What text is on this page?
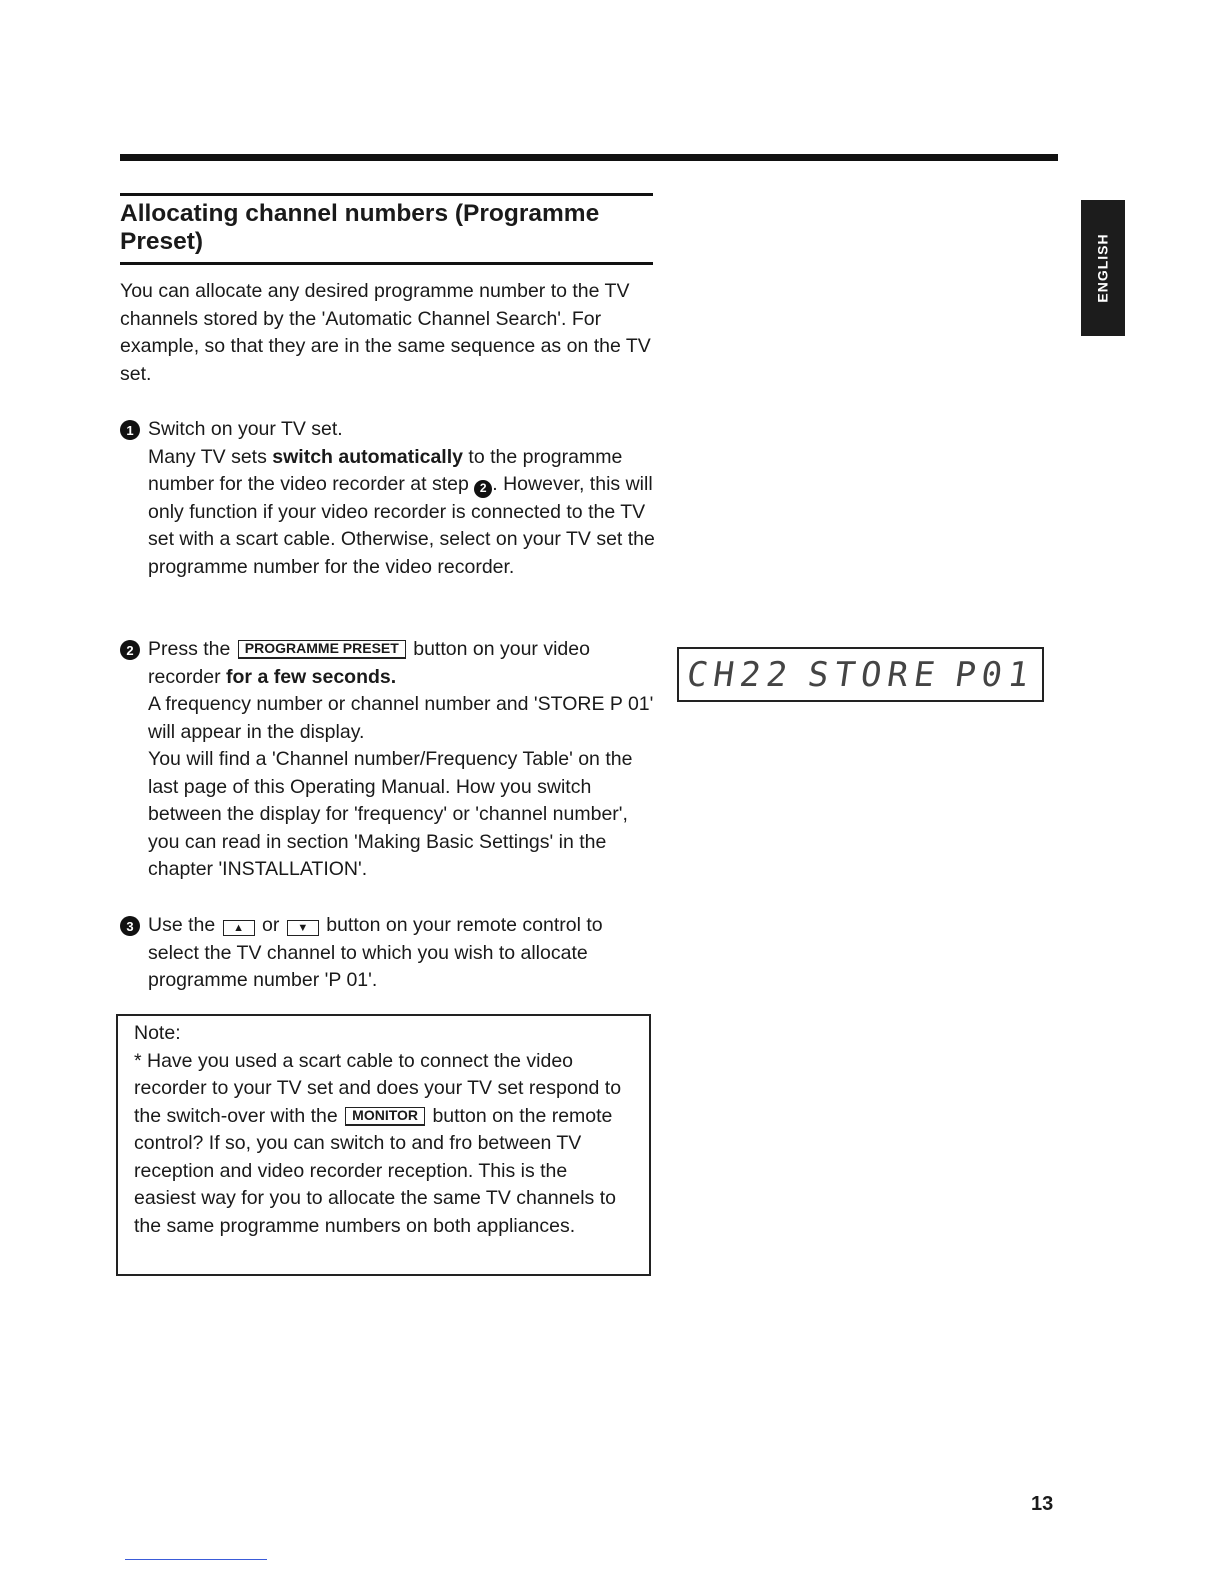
ENGLISH
Allocating channel numbers (Programme Preset)

You can allocate any desired programme number to the TV channels stored by the 'Automatic Channel Search'. For example, so that they are in the same sequence as on the TV set.

1 Switch on your TV set.
Many TV sets switch automatically to the programme number for the video recorder at step 2 . However, this will only function if your video recorder is connected to the TV set with a scart cable. Otherwise, select on your TV set the programme number for the video recorder.

2 Press the PROGRAMME PRESET button on your video recorder for a few seconds.
A frequency number or channel number and 'STORE P 01' will appear in the display.
You will find a 'Channel number/Frequency Table' on the last page of this Operating Manual. How you switch between the display for 'frequency' or 'channel number', you can read in section 'Making Basic Settings' in the chapter 'INSTALLATION'.

CH22 STORE P01
3 Use the ▲ or ▼ button on your remote control to select the TV channel to which you wish to allocate programme number 'P 01'.

Note:
* Have you used a scart cable to connect the video recorder to your TV set and does your TV set respond to the switch-over with the MONITOR button on the remote control? If so, you can switch to and fro between TV reception and video recorder reception. This is the easiest way for you to allocate the same TV channels to the same programme numbers on both appliances.

13
